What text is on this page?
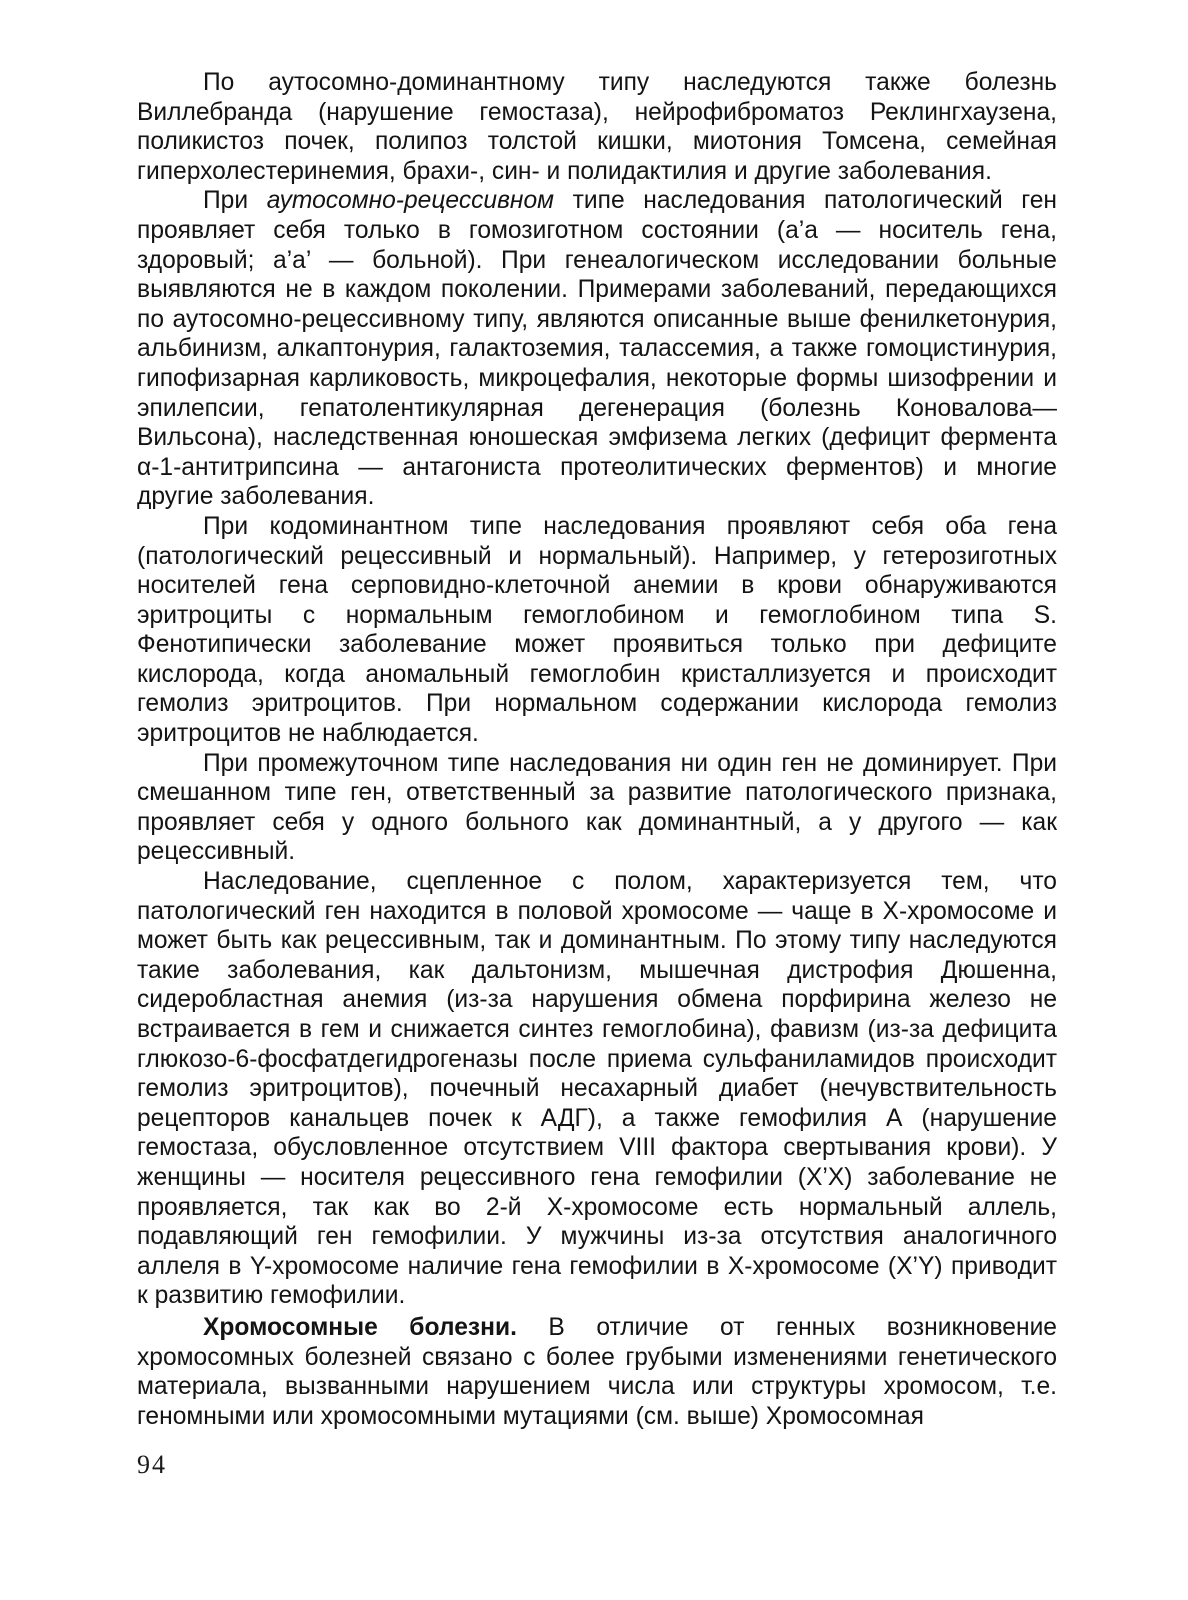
По аутосомно-доминантному типу наследуются также болезнь Виллебранда (нарушение гемостаза), нейрофиброматоз Реклингхаузена, поликистоз почек, полипоз толстой кишки, миотония Томсена, семейная гиперхолестеринемия, брахи-, син- и полидактилия и другие заболевания.

При аутосомно-рецессивном типе наследования патологический ген проявляет себя только в гомозиготном состоянии (а’а — носитель гена, здоровый; а’а’ — больной). При генеалогическом исследовании больные выявляются не в каждом поколении. Примерами заболеваний, передающихся по аутосомно-рецессивному типу, являются описанные выше фенилкетонурия, альбинизм, алкаптонурия, галактоземия, талассемия, а также гомоцистинурия, гипофизарная карликовость, микроцефалия, некоторые формы шизофрении и эпилепсии, гепатолентикулярная дегенерация (болезнь Коновалова—Вильсона), наследственная юношеская эмфизема легких (дефицит фермента α-1-антитрипсина — антагониста протеолитических ферментов) и многие другие заболевания.

При кодоминантном типе наследования проявляют себя оба гена (патологический рецессивный и нормальный). Например, у гетерозиготных носителей гена серповидно-клеточной анемии в крови обнаруживаются эритроциты с нормальным гемоглобином и гемоглобином типа S. Фенотипически заболевание может проявиться только при дефиците кислорода, когда аномальный гемоглобин кристаллизуется и происходит гемолиз эритроцитов. При нормальном содержании кислорода гемолиз эритроцитов не наблюдается.

При промежуточном типе наследования ни один ген не доминирует. При смешанном типе ген, ответственный за развитие патологического признака, проявляет себя у одного больного как доминантный, а у другого — как рецессивный.

Наследование, сцепленное с полом, характеризуется тем, что патологический ген находится в половой хромосоме — чаще в Х-хромосоме и может быть как рецессивным, так и доминантным. По этому типу наследуются такие заболевания, как дальтонизм, мышечная дистрофия Дюшенна, сидеробластная анемия (из-за нарушения обмена порфирина железо не встраивается в гем и снижается синтез гемоглобина), фавизм (из-за дефицита глюкозо-6-фосфатдегидрогеназы после приема сульфаниламидов происходит гемолиз эритроцитов), почечный несахарный диабет (нечувствительность рецепторов канальцев почек к АДГ), а также гемофилия А (нарушение гемостаза, обусловленное отсутствием VIII фактора свертывания крови). У женщины — носителя рецессивного гена гемофилии (Х’Х) заболевание не проявляется, так как во 2-й Х-хромосоме есть нормальный аллель, подавляющий ген гемофилии. У мужчины из-за отсутствия аналогичного аллеля в Y-хромосоме наличие гена гемофилии в Х-хромосоме (Х’Y) приводит к развитию гемофилии.

Хромосомные болезни. В отличие от генных возникновение хромосомных болезней связано с более грубыми изменениями генетического материала, вызванными нарушением числа или структуры хромосом, т.е. геномными или хромосомными мутациями (см. выше) Хромосомная

94
